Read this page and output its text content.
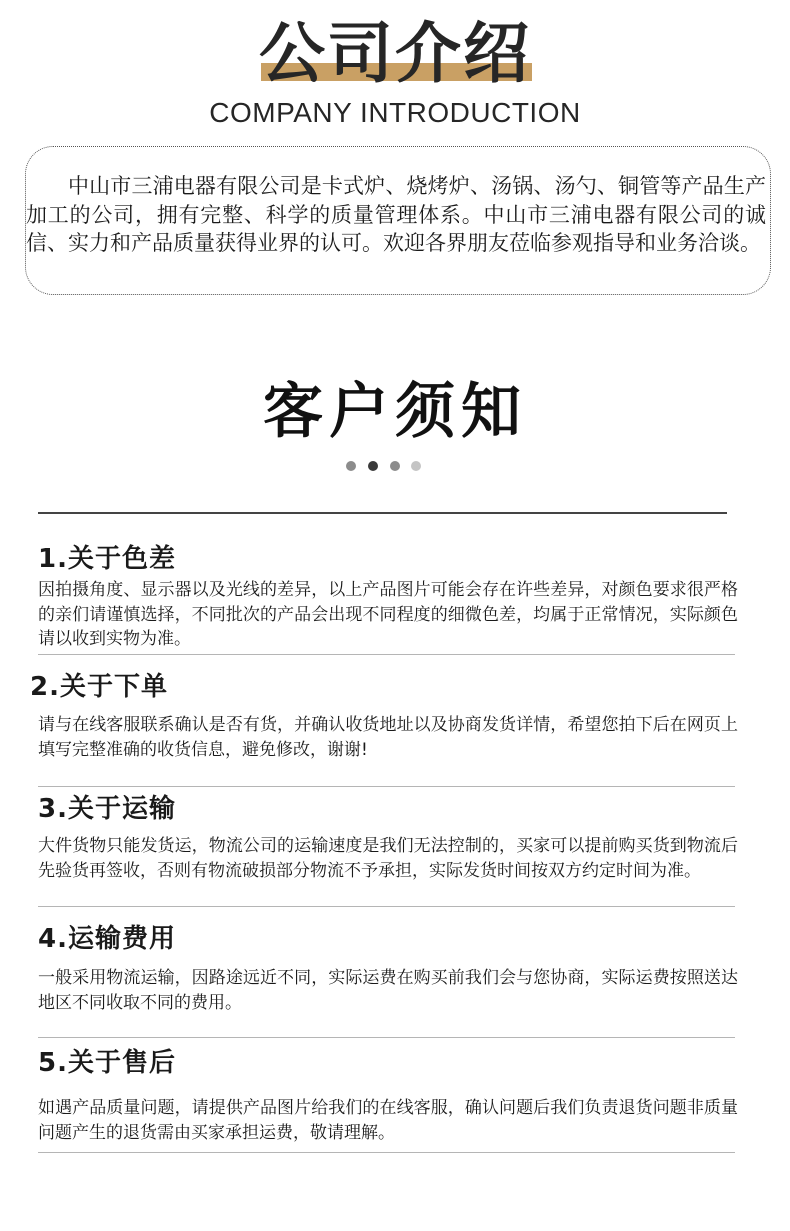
公司介绍
COMPANY INTRODUCTION
中山市三浦电器有限公司是卡式炉、烧烤炉、汤锅、汤勺、铜管等产品生产加工的公司，拥有完整、科学的质量管理体系。中山市三浦电器有限公司的诚信、实力和产品质量获得业界的认可。欢迎各界朋友莅临参观指导和业务洽谈。
客户须知
1.关于色差
因拍摄角度、显示器以及光线的差异，以上产品图片可能会存在许些差异，对颜色要求很严格的亲们请谨慎选择，不同批次的产品会出现不同程度的细微色差，均属于正常情况，实际颜色请以收到实物为准。
2.关于下单
请与在线客服联系确认是否有货，并确认收货地址以及协商发货详情，希望您拍下后在网页上填写完整准确的收货信息，避免修改，谢谢!
3.关于运输
大件货物只能发货运，物流公司的运输速度是我们无法控制的，买家可以提前购买货到物流后先验货再签收，否则有物流破损部分物流不予承担，实际发货时间按双方约定时间为准。
4.运输费用
一般采用物流运输，因路途远近不同，实际运费在购买前我们会与您协商，实际运费按照送达地区不同收取不同的费用。
5.关于售后
如遇产品质量问题，请提供产品图片给我们的在线客服，确认问题后我们负责退货问题非质量问题产生的退货需由买家承担运费，敬请理解。
